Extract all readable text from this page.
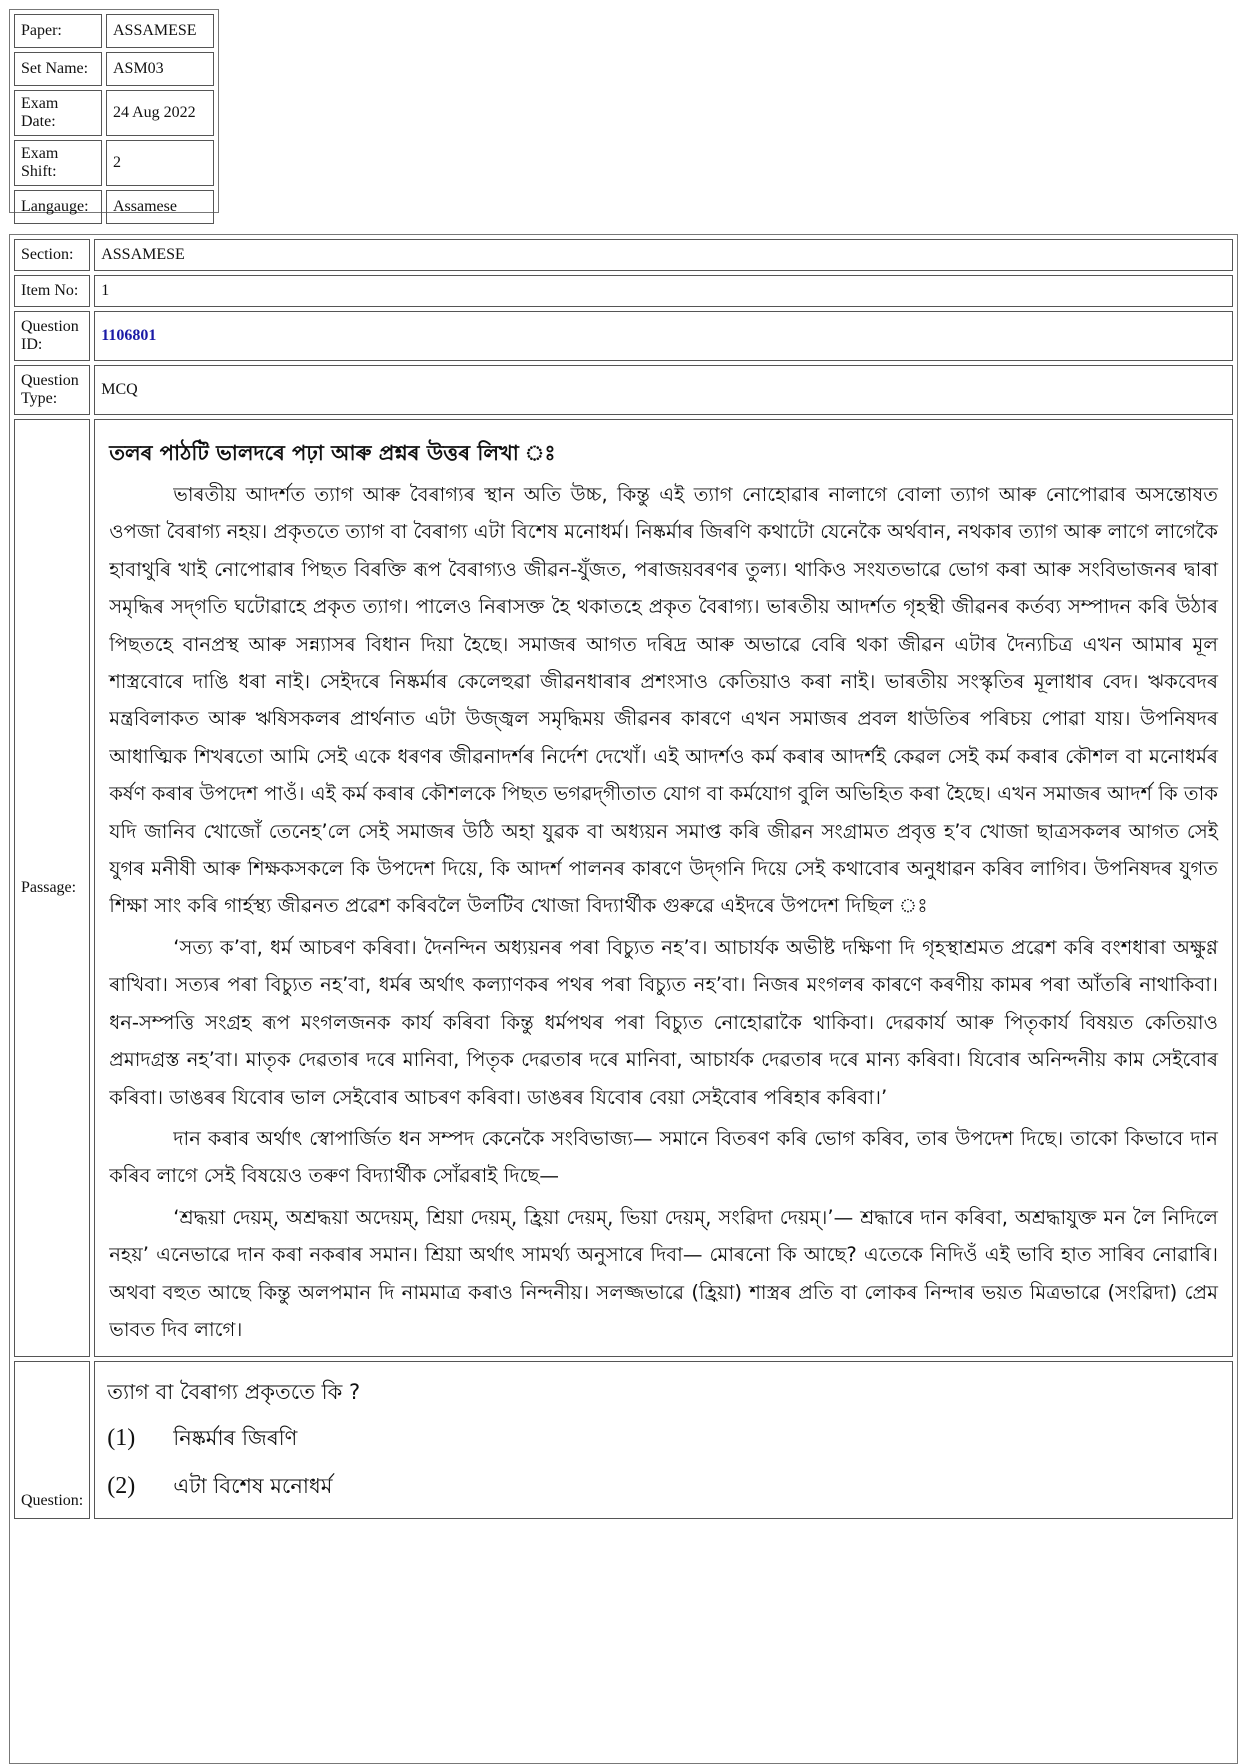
Paper:	ASSAMESE
Set Name:	ASM03
Exam Date:	24 Aug 2022
Exam Shift:	2
Langauge:	Assamese
Section:	ASSAMESE
Item No:	1
Question ID:	1106801
Question Type:	MCQ
Passage:	তলৰ পাঠটি ভালদৰে পঢ়া আৰু প্ৰশ্নৰ উত্তৰ লিখা ঃ

ভাৰতীয় আদৰ্শত ত্যাগ আৰু বৈৰাগ্যৰ স্থান অতি উচ্চ, কিন্তু এই ত্যাগ নোহোৱাৰ নালাগে বোলা ত্যাগ আৰু নোপোৱাৰ অসন্তোষত ওপজা বৈৰাগ্য নহয়। প্ৰকৃততে ত্যাগ বা বৈৰাগ্য এটা বিশেষ মনোধৰ্ম। নিষ্কৰ্মাৰ জিৰণি কথাটো যেনেকৈ অৰ্থবান, নথকাৰ ত্যাগ আৰু লাগে লাগেকৈ হাবাথুৰি খাই নোপোৱাৰ পিছত বিৰক্তি ৰূপ বৈৰাগ্যও জীৱন-যুঁজত, পৰাজয়বৰণৰ তুল্য। থাকিও সংযতভাৱে ভোগ কৰা আৰু সংবিভাজনৰ দ্বাৰা সমৃদ্ধিৰ সদ্‌গতি ঘটোৱাহে প্ৰকৃত ত্যাগ। পালেও নিৰাসক্ত হৈ থকাতহে প্ৰকৃত বৈৰাগ্য। ভাৰতীয় আদৰ্শত গৃহস্থী জীৱনৰ কৰ্তব্য সম্পাদন কৰি উঠাৰ পিছতহে বানপ্ৰস্থ আৰু সন্ন্যাসৰ বিধান দিয়া হৈছে। সমাজৰ আগত দৰিদ্ৰ আৰু অভাৱে বেৰি থকা জীৱন এটাৰ দৈন্যচিত্ৰ এখন আমাৰ মূল শাস্ত্ৰবোৰে দাঙি ধৰা নাই। সেইদৰে নিষ্কৰ্মাৰ কেলেহুৱা জীৱনধাৰাৰ প্ৰশংসাও কেতিয়াও কৰা নাই। ভাৰতীয় সংস্কৃতিৰ মূলাধাৰ বেদ। ঋকবেদৰ মন্ত্ৰবিলাকত আৰু ঋষিসকলৰ প্ৰাৰ্থনাত এটা উজ্জ্বল সমৃদ্ধিময় জীৱনৰ কাৰণে এখন সমাজৰ প্ৰবল ধাউতিৰ পৰিচয় পোৱা যায়। উপনিষদৰ আধাত্মিক শিখৰতো আমি সেই একে ধৰণৰ জীৱনাদৰ্শৰ নিৰ্দেশ দেখোঁ। এই আদৰ্শও কৰ্ম কৰাৰ আদৰ্শই কেৱল সেই কৰ্ম কৰাৰ কৌশল বা মনোধৰ্মৰ কৰ্ষণ কৰাৰ উপদেশ পাওঁ। এই কৰ্ম কৰাৰ কৌশলকে পিছত ভগৱদ্‌গীতাত যোগ বা কৰ্মযোগ বুলি অভিহিত কৰা হৈছে। এখন সমাজৰ আদৰ্শ কি তাক যদি জানিব খোজোঁ তেনেহ’লে সেই সমাজৰ উঠি অহা যুৱক বা অধ্যয়ন সমাপ্ত কৰি জীৱন সংগ্ৰামত প্ৰবৃত্ত হ’ব খোজা ছাত্ৰসকলৰ আগত সেই যুগৰ মনীষী আৰু শিক্ষকসকলে কি উপদেশ দিয়ে, কি আদৰ্শ পালনৰ কাৰণে উদ্‌গনি দিয়ে সেই কথাবোৰ অনুধাৱন কৰিব লাগিব। উপনিষদৰ যুগত শিক্ষা সাং কৰি গাৰ্হস্থ্য জীৱনত প্ৰৱেশ কৰিবলৈ উলটিব খোজা বিদ্যাৰ্থীক গুৰুৱে এইদৰে উপদেশ দিছিল ঃ

‘সত্য ক’বা, ধৰ্ম আচৰণ কৰিবা। দৈনন্দিন অধ্যয়নৰ পৰা বিচ্যুত নহ’ব। আচাৰ্যক অভীষ্ট দক্ষিণা দি গৃহস্থাশ্ৰমত প্ৰৱেশ কৰি বংশধাৰা অক্ষুণ্ণ ৰাখিবা। সত্যৰ পৰা বিচ্যুত নহ’বা, ধৰ্মৰ অৰ্থাৎ কল্যাণকৰ পথৰ পৰা বিচ্যুত নহ’বা। নিজৰ মংগলৰ কাৰণে কৰণীয় কামৰ পৰা আঁতৰি নাথাকিবা। ধন-সম্পত্তি সংগ্ৰহ ৰূপ মংগলজনক কাৰ্য কৰিবা কিন্তু ধৰ্মপথৰ পৰা বিচ্যুত নোহোৱাকৈ থাকিবা। দেৱকাৰ্য আৰু পিতৃকাৰ্য বিষয়ত কেতিয়াও প্ৰমাদগ্ৰস্ত নহ’বা। মাতৃক দেৱতাৰ দৰে মানিবা, পিতৃক দেৱতাৰ দৰে মানিবা, আচাৰ্যক দেৱতাৰ দৰে মান্য কৰিবা। যিবোৰ অনিন্দনীয় কাম সেইবোৰ কৰিবা। ডাঙৰৰ যিবোৰ ভাল সেইবোৰ আচৰণ কৰিবা। ডাঙৰৰ যিবোৰ বেয়া সেইবোৰ পৰিহাৰ কৰিবা।’

দান কৰাৰ অৰ্থাৎ স্বোপাৰ্জিত ধন সম্পদ কেনেকৈ সংবিভাজ্য— সমানে বিতৰণ কৰি ভোগ কৰিব, তাৰ উপদেশ দিছে। তাকো কিভাবে দান কৰিব লাগে সেই বিষয়েও তৰুণ বিদ্যাৰ্থীক সোঁৱৰাই দিছে—

‘শ্ৰদ্ধয়া দেয়ম্‌, অশ্ৰদ্ধয়া অদেয়ম্‌, শ্ৰিয়া দেয়ম্‌, হ্ৰিয়া দেয়ম্‌, ভিয়া দেয়ম্‌, সংৱিদা দেয়ম্‌।’— শ্ৰদ্ধাৰে দান কৰিবা, অশ্ৰদ্ধাযুক্ত মন লৈ নিদিলে নহয়’ এনেভাৱে দান কৰা নকৰাৰ সমান। শ্ৰিয়া অৰ্থাৎ সামৰ্থ্য অনুসাৰে দিবা— মোৰনো কি আছে? এতেকে নিদিওঁ এই ভাবি হাত সাৰিব নোৱাৰি। অথবা বহুত আছে কিন্তু অলপমান দি নামমাত্ৰ কৰাও নিন্দনীয়। সলজ্জভাৱে (হ্ৰিয়া) শাস্ত্ৰৰ প্ৰতি বা লোকৰ নিন্দাৰ ভয়ত মিত্ৰভাৱে (সংৱিদা) প্ৰেম ভাবত দিব লাগে।

Question:	ত্যাগ বা বৈৰাগ্য প্ৰকৃততে কি ?
(1) নিষ্কৰ্মাৰ জিৰণি
(2) এটা বিশেষ মনোধৰ্ম
